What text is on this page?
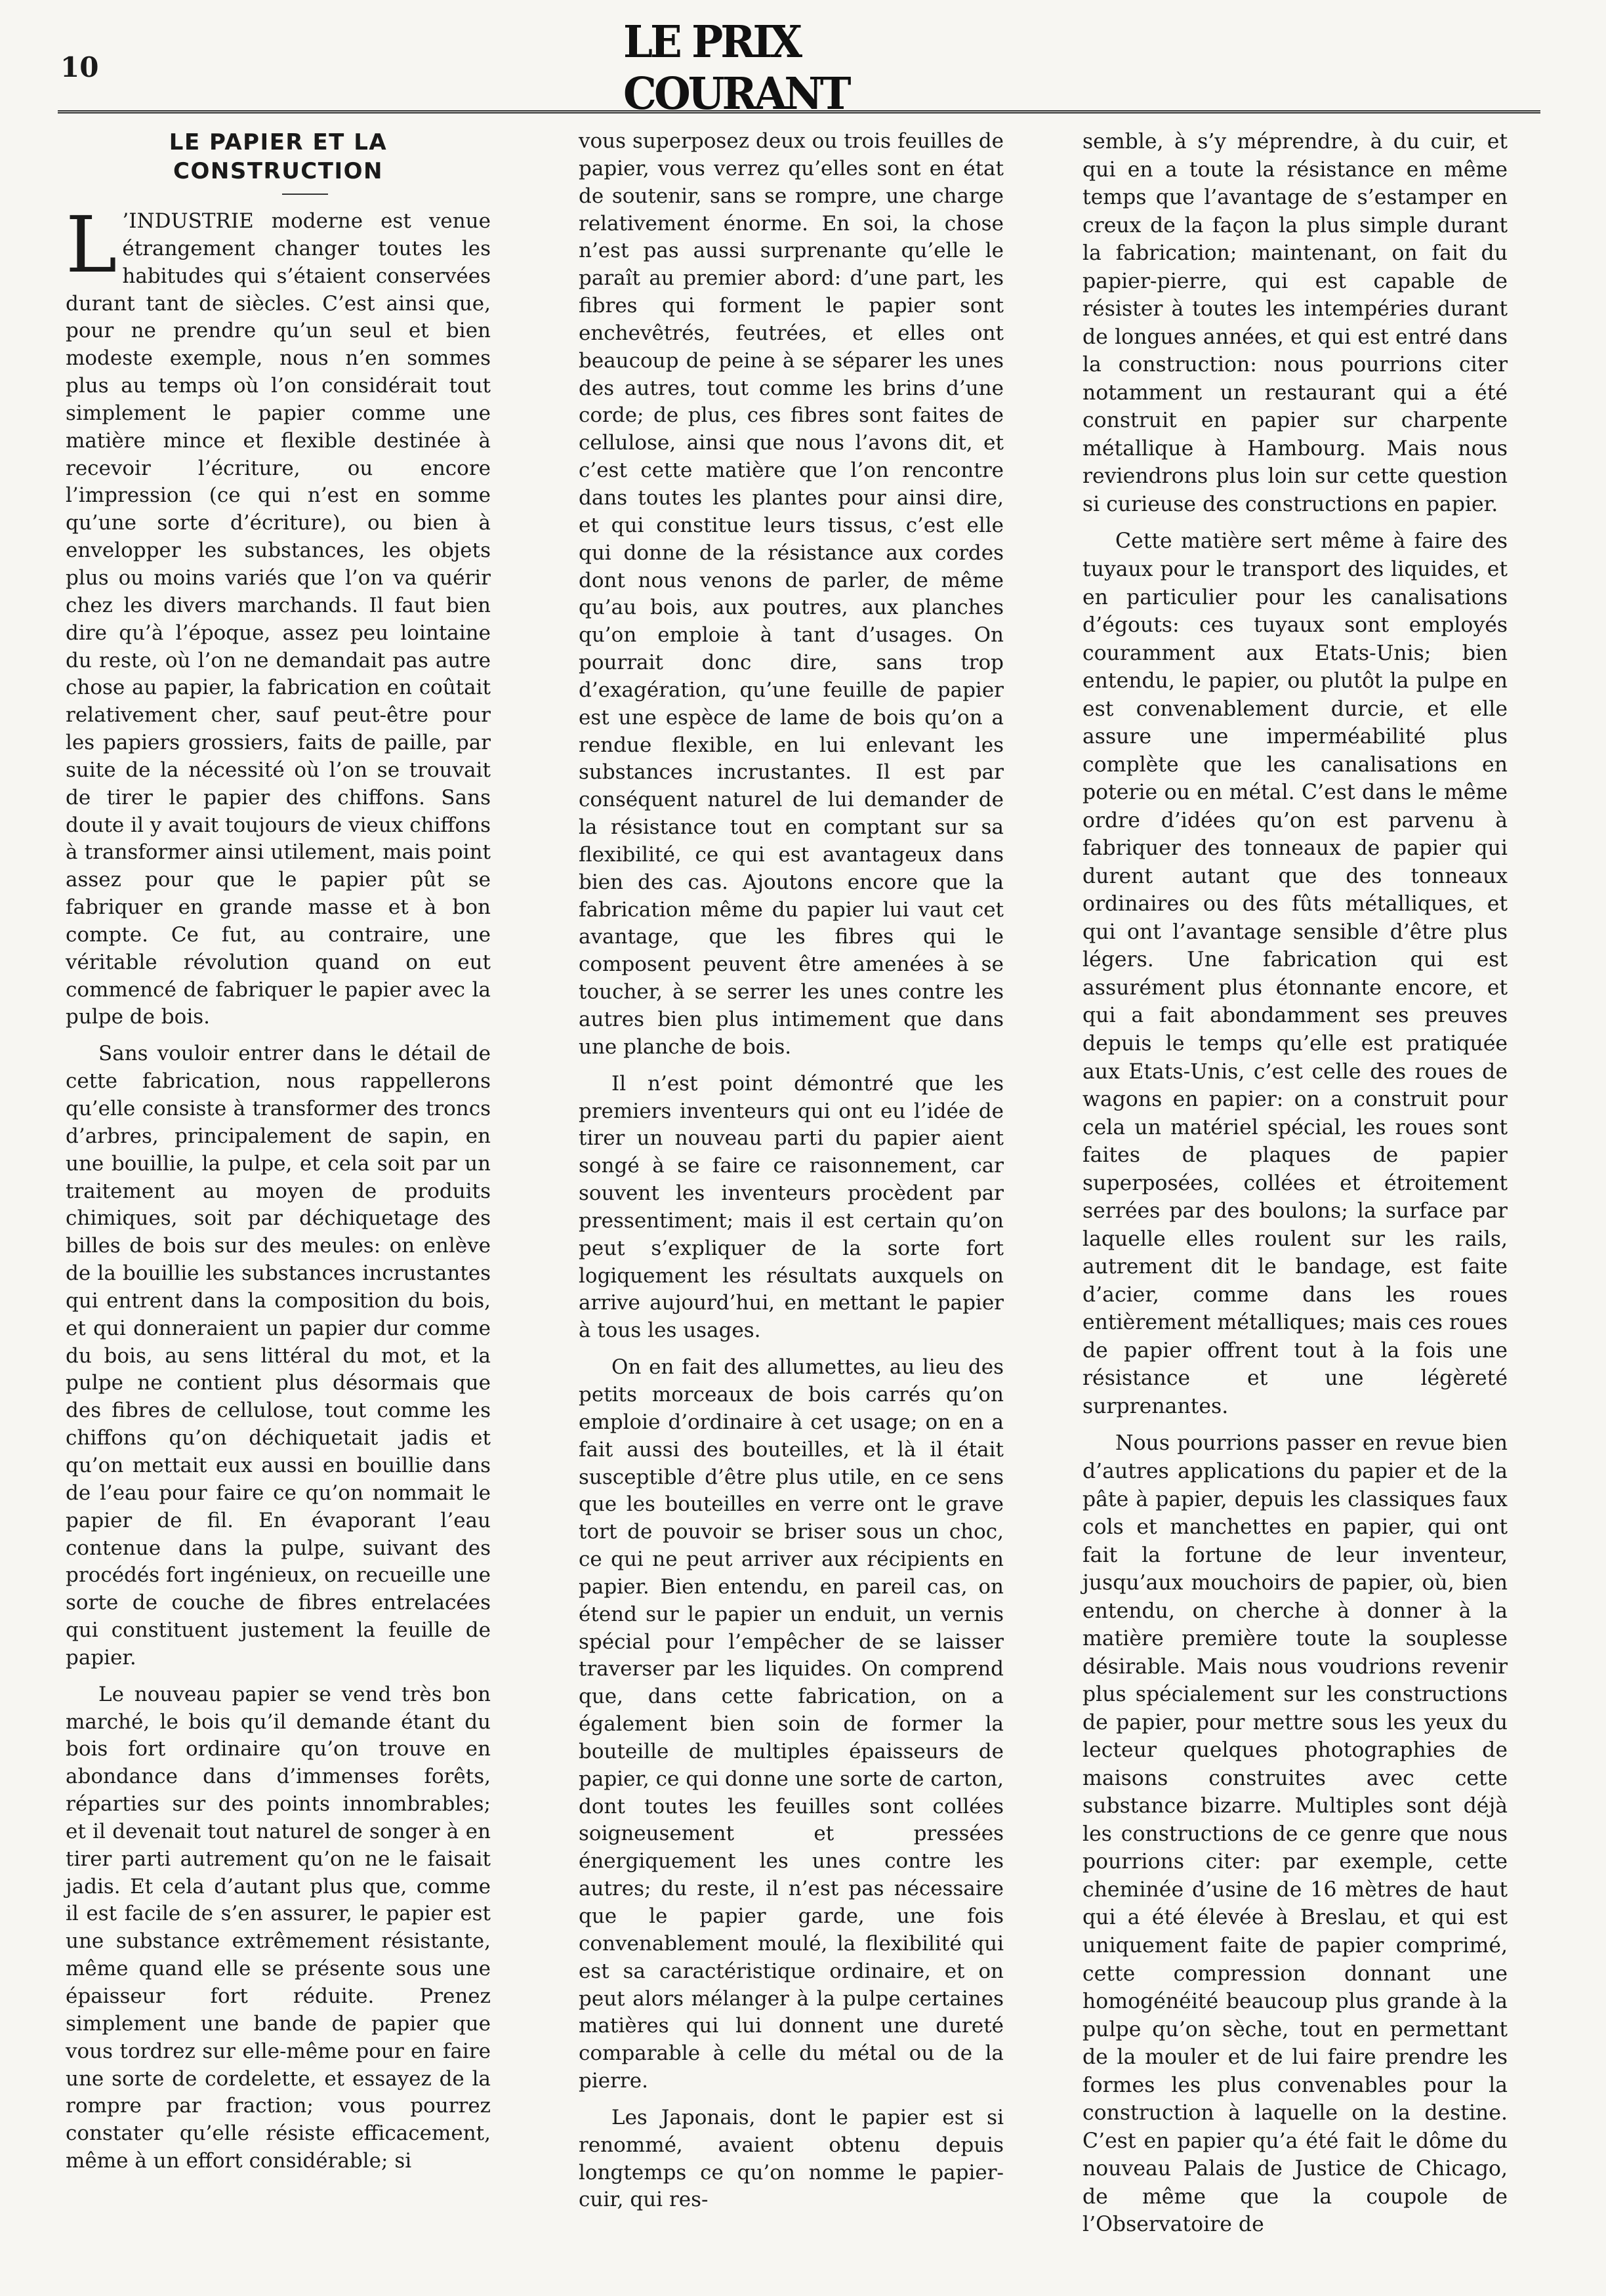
10	LE PRIX COURANT
LE PAPIER ET LA CONSTRUCTION

L ’INDUSTRIE moderne est venue étrangement changer toutes les habitudes qui s’étaient conservées durant tant de siècles. C’est ainsi que, pour ne prendre qu’un seul et bien modeste exemple, nous n’en sommes plus au temps où l’on considérait tout simplement le papier comme une matière mince et flexible destinée à recevoir l’écriture, ou encore l’impression (ce qui n’est en somme qu’une sorte d’écriture), ou bien à envelopper les substances, les objets plus ou moins variés que l’on va quérir chez les divers marchands. Il faut bien dire qu’à l’époque, assez peu lointaine du reste, où l’on ne demandait pas autre chose au papier, la fabrication en coûtait relativement cher, sauf peut-être pour les papiers grossiers, faits de paille, par suite de la nécessité où l’on se trouvait de tirer le papier des chiffons. Sans doute il y avait toujours de vieux chiffons à transformer ainsi utilement, mais point assez pour que le papier pût se fabriquer en grande masse et à bon compte. Ce fut, au contraire, une véritable révolution quand on eut commencé de fabriquer le papier avec la pulpe de bois.

Sans vouloir entrer dans le détail de cette fabrication, nous rappellerons qu’elle consiste à transformer des troncs d’arbres, principalement de sapin, en une bouillie, la pulpe, et cela soit par un traitement au moyen de produits chimiques, soit par déchiquetage des billes de bois sur des meules: on enlève de la bouillie les substances incrustantes qui entrent dans la composition du bois, et qui donneraient un papier dur comme du bois, au sens littéral du mot, et la pulpe ne contient plus désormais que des fibres de cellulose, tout comme les chiffons qu’on déchiquetait jadis et qu’on mettait eux aussi en bouillie dans de l’eau pour faire ce qu’on nommait le papier de fil. En évaporant l’eau contenue dans la pulpe, suivant des procédés fort ingénieux, on recueille une sorte de couche de fibres entrelacées qui constituent justement la feuille de papier.

Le nouveau papier se vend très bon marché, le bois qu’il demande étant du bois fort ordinaire qu’on trouve en abondance dans d’immenses forêts, réparties sur des points innombrables; et il devenait tout naturel de songer à en tirer parti autrement qu’on ne le faisait jadis. Et cela d’autant plus que, comme il est facile de s’en assurer, le papier est une substance extrêmement résistante, même quand elle se présente sous une épaisseur fort réduite. Prenez simplement une bande de papier que vous tordrez sur elle-même pour en faire une sorte de cordelette, et essayez de la rompre par fraction; vous pourrez constater qu’elle résiste efficacement, même à un effort considérable; si

vous superposez deux ou trois feuilles de papier, vous verrez qu’elles sont en état de soutenir, sans se rompre, une charge relativement énorme. En soi, la chose n’est pas aussi surprenante qu’elle le paraît au premier abord: d’une part, les fibres qui forment le papier sont enchevêtrés, feutrées, et elles ont beaucoup de peine à se séparer les unes des autres, tout comme les brins d’une corde; de plus, ces fibres sont faites de cellulose, ainsi que nous l’avons dit, et c’est cette matière que l’on rencontre dans toutes les plantes pour ainsi dire, et qui constitue leurs tissus, c’est elle qui donne de la résistance aux cordes dont nous venons de parler, de même qu’au bois, aux poutres, aux planches qu’on emploie à tant d’usages. On pourrait donc dire, sans trop d’exagération, qu’une feuille de papier est une espèce de lame de bois qu’on a rendue flexible, en lui enlevant les substances incrustantes. Il est par conséquent naturel de lui demander de la résistance tout en comptant sur sa flexibilité, ce qui est avantageux dans bien des cas. Ajoutons encore que la fabrication même du papier lui vaut cet avantage, que les fibres qui le composent peuvent être amenées à se toucher, à se serrer les unes contre les autres bien plus intimement que dans une planche de bois.

Il n’est point démontré que les premiers inventeurs qui ont eu l’idée de tirer un nouveau parti du papier aient songé à se faire ce raisonnement, car souvent les inventeurs procèdent par pressentiment; mais il est certain qu’on peut s’expliquer de la sorte fort logiquement les résultats auxquels on arrive aujourd’hui, en mettant le papier à tous les usages.

On en fait des allumettes, au lieu des petits morceaux de bois carrés qu’on emploie d’ordinaire à cet usage; on en a fait aussi des bouteilles, et là il était susceptible d’être plus utile, en ce sens que les bouteilles en verre ont le grave tort de pouvoir se briser sous un choc, ce qui ne peut arriver aux récipients en papier. Bien entendu, en pareil cas, on étend sur le papier un enduit, un vernis spécial pour l’empêcher de se laisser traverser par les liquides. On comprend que, dans cette fabrication, on a également bien soin de former la bouteille de multiples épaisseurs de papier, ce qui donne une sorte de carton, dont toutes les feuilles sont collées soigneusement et pressées énergiquement les unes contre les autres; du reste, il n’est pas nécessaire que le papier garde, une fois convenablement moulé, la flexibilité qui est sa caractéristique ordinaire, et on peut alors mélanger à la pulpe certaines matières qui lui donnent une dureté comparable à celle du métal ou de la pierre.

Les Japonais, dont le papier est si renommé, avaient obtenu depuis longtemps ce qu’on nomme le papier-cuir, qui res-

semble, à s’y méprendre, à du cuir, et qui en a toute la résistance en même temps que l’avantage de s’estamper en creux de la façon la plus simple durant la fabrication; maintenant, on fait du papier-pierre, qui est capable de résister à toutes les intempéries durant de longues années, et qui est entré dans la construction: nous pourrions citer notamment un restaurant qui a été construit en papier sur charpente métallique à Hambourg. Mais nous reviendrons plus loin sur cette question si curieuse des constructions en papier.

Cette matière sert même à faire des tuyaux pour le transport des liquides, et en particulier pour les canalisations d’égouts: ces tuyaux sont employés couramment aux Etats-Unis; bien entendu, le papier, ou plutôt la pulpe en est convenablement durcie, et elle assure une imperméabilité plus complète que les canalisations en poterie ou en métal. C’est dans le même ordre d’idées qu’on est parvenu à fabriquer des tonneaux de papier qui durent autant que des tonneaux ordinaires ou des fûts métalliques, et qui ont l’avantage sensible d’être plus légers. Une fabrication qui est assurément plus étonnante encore, et qui a fait abondamment ses preuves depuis le temps qu’elle est pratiquée aux Etats-Unis, c’est celle des roues de wagons en papier: on a construit pour cela un matériel spécial, les roues sont faites de plaques de papier superposées, collées et étroitement serrées par des boulons; la surface par laquelle elles roulent sur les rails, autrement dit le bandage, est faite d’acier, comme dans les roues entièrement métalliques; mais ces roues de papier offrent tout à la fois une résistance et une légèreté surprenantes.

Nous pourrions passer en revue bien d’autres applications du papier et de la pâte à papier, depuis les classiques faux cols et manchettes en papier, qui ont fait la fortune de leur inventeur, jusqu’aux mouchoirs de papier, où, bien entendu, on cherche à donner à la matière première toute la souplesse désirable. Mais nous voudrions revenir plus spécialement sur les constructions de papier, pour mettre sous les yeux du lecteur quelques photographies de maisons construites avec cette substance bizarre. Multiples sont déjà les constructions de ce genre que nous pourrions citer: par exemple, cette cheminée d’usine de 16 mètres de haut qui a été élevée à Breslau, et qui est uniquement faite de papier comprimé, cette compression donnant une homogénéité beaucoup plus grande à la pulpe qu’on sèche, tout en permettant de la mouler et de lui faire prendre les formes les plus convenables pour la construction à laquelle on la destine. C’est en papier qu’a été fait le dôme du nouveau Palais de Justice de Chicago, de même que la coupole de l’Observatoire de
